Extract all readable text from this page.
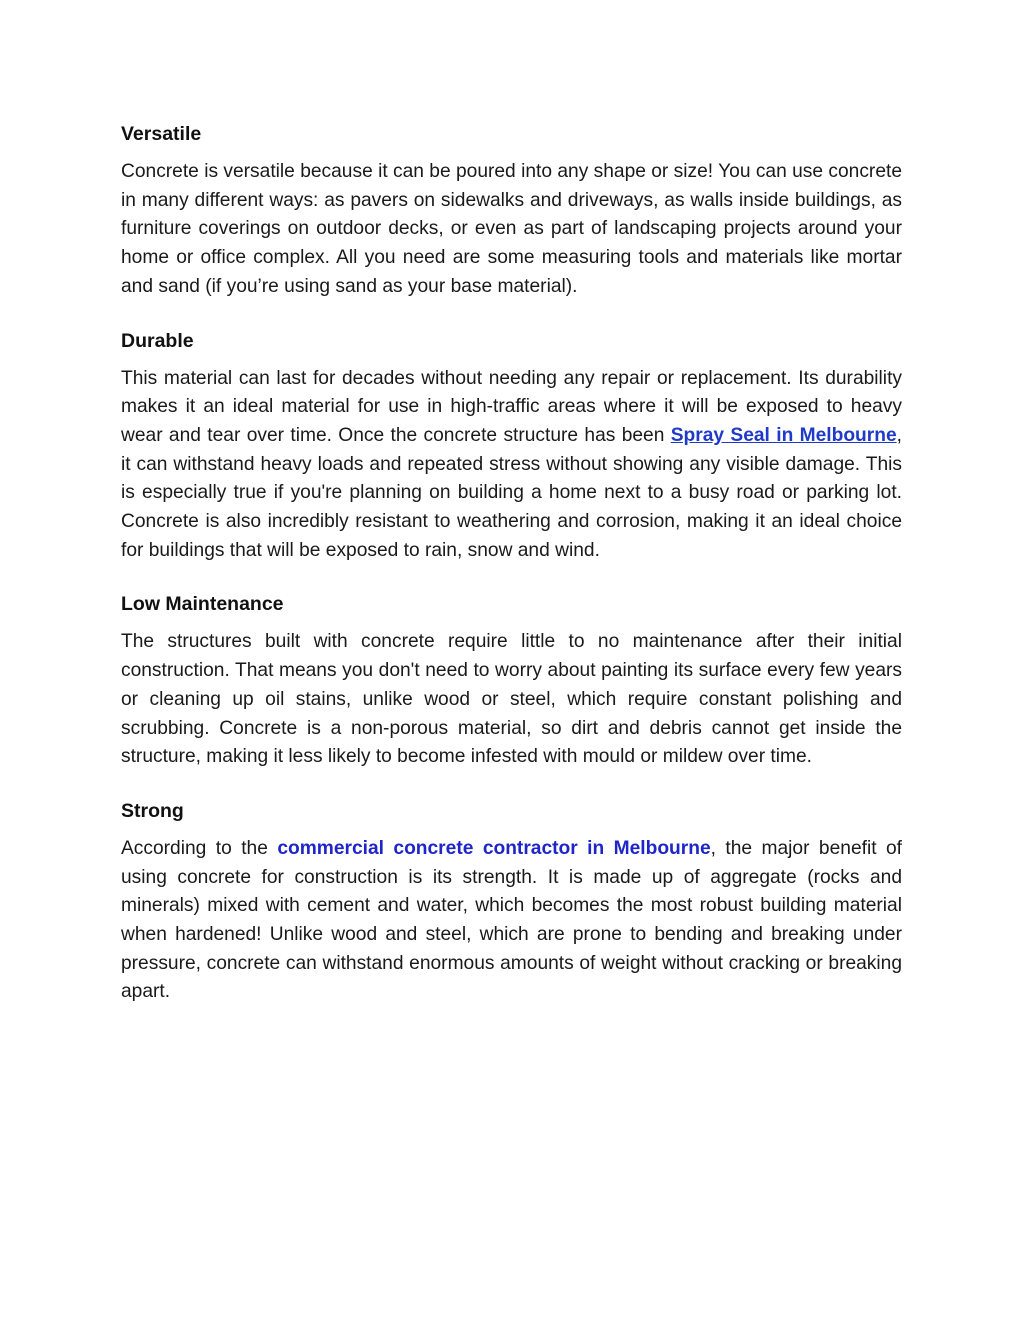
Versatile

Concrete is versatile because it can be poured into any shape or size! You can use concrete in many different ways: as pavers on sidewalks and driveways, as walls inside buildings, as furniture coverings on outdoor decks, or even as part of landscaping projects around your home or office complex. All you need are some measuring tools and materials like mortar and sand (if you’re using sand as your base material).

Durable

This material can last for decades without needing any repair or replacement. Its durability makes it an ideal material for use in high-traffic areas where it will be exposed to heavy wear and tear over time. Once the concrete structure has been Spray Seal in Melbourne, it can withstand heavy loads and repeated stress without showing any visible damage. This is especially true if you're planning on building a home next to a busy road or parking lot. Concrete is also incredibly resistant to weathering and corrosion, making it an ideal choice for buildings that will be exposed to rain, snow and wind.

Low Maintenance

The structures built with concrete require little to no maintenance after their initial construction. That means you don't need to worry about painting its surface every few years or cleaning up oil stains, unlike wood or steel, which require constant polishing and scrubbing. Concrete is a non-porous material, so dirt and debris cannot get inside the structure, making it less likely to become infested with mould or mildew over time.

Strong

According to the commercial concrete contractor in Melbourne, the major benefit of using concrete for construction is its strength. It is made up of aggregate (rocks and minerals) mixed with cement and water, which becomes the most robust building material when hardened! Unlike wood and steel, which are prone to bending and breaking under pressure, concrete can withstand enormous amounts of weight without cracking or breaking apart.
